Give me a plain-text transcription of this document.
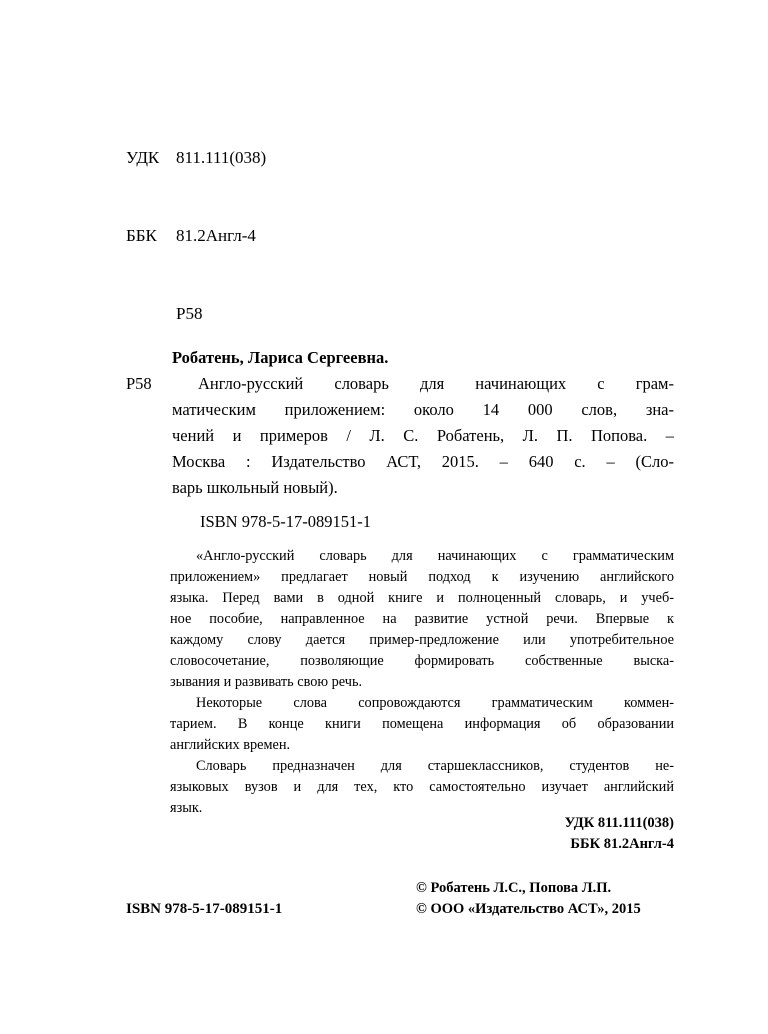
УДК 811.111(038)

ББК 81.2Англ-4

Р58

Робатень, Лариса Сергеевна.
Р58	Англо-русский словарь для начинающих с грам-
матическим приложением: около 14 000 слов, зна-
чений и примеров / Л. С. Робатень, Л. П. Попова. –
Москва : Издательство АСТ, 2015. – 640 с. – (Сло-
варь школьный новый).
ISBN 978-5-17-089151-1
«Англо-русский словарь для начинающих с грамматическим
приложением» предлагает новый подход к изучению английского
языка. Перед вами в одной книге и полноценный словарь, и учеб-
ное пособие, направленное на развитие устной речи. Впервые к
каждому слову дается пример-предложение или употребительное
словосочетание, позволяющие формировать собственные выска-
зывания и развивать свою речь.
Некоторые слова сопровождаются грамматическим коммен-
тарием. В конце книги помещена информация об образовании
английских времен.
Словарь предназначен для старшеклассников, студентов не-
языковых вузов и для тех, кто самостоятельно изучает английский
язык.
УДК 811.111(038)
ББК 81.2Англ-4
© Робатень Л.С., Попова Л.П.
© ООО «Издательство АСТ», 2015
ISBN 978-5-17-089151-1
